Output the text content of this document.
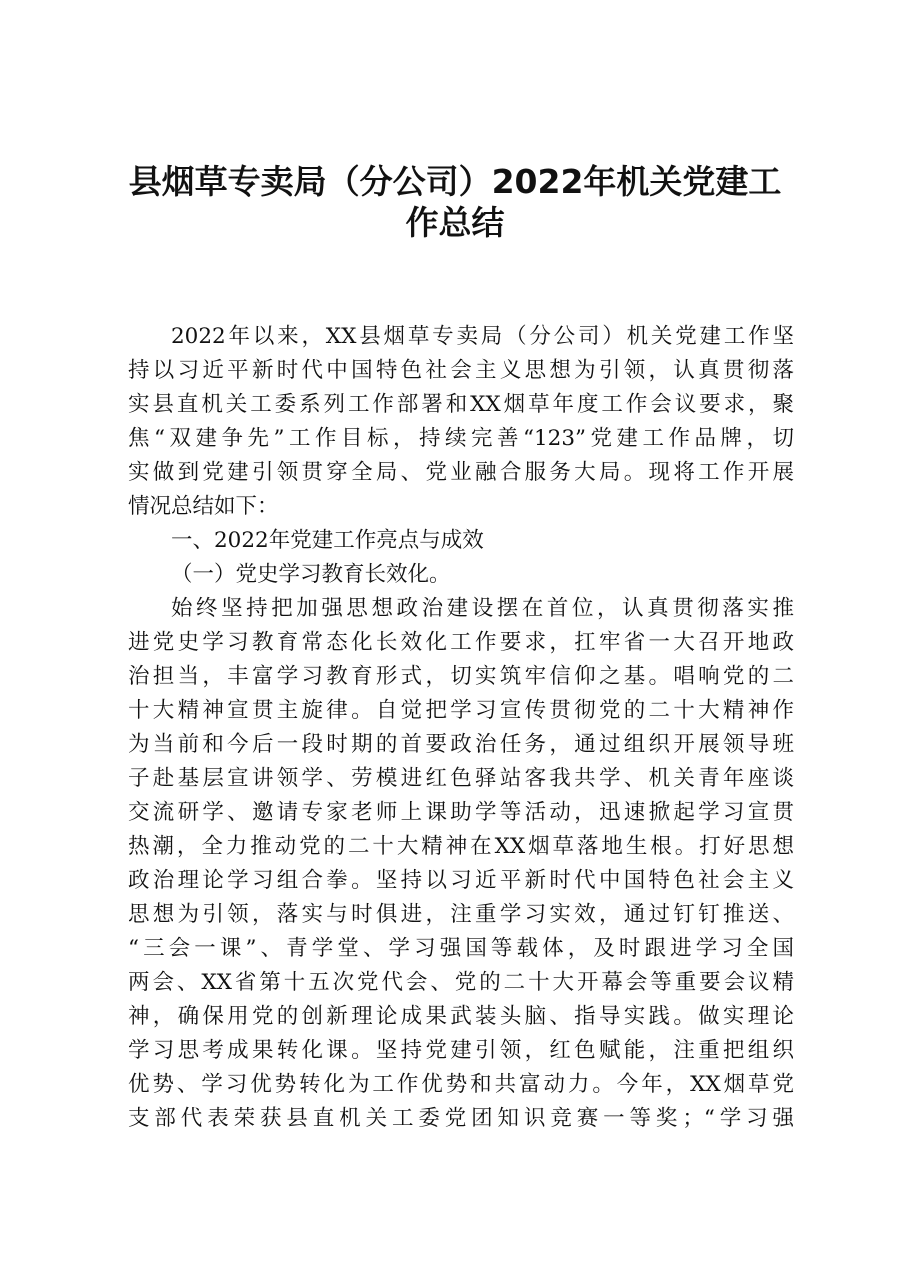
县烟草专卖局（分公司）2022年机关党建工
作总结

2022年以来，XX县烟草专卖局（分公司）机关党建工作坚

持以习近平新时代中国特色社会主义思想为引领，认真贯彻落

实县直机关工委系列工作部署和XX烟草年度工作会议要求，聚

焦“双建争先”工作目标，持续完善“123”党建工作品牌，切

实做到党建引领贯穿全局、党业融合服务大局。现将工作开展

情况总结如下：

一、2022年党建工作亮点与成效

（一）党史学习教育长效化。

始终坚持把加强思想政治建设摆在首位，认真贯彻落实推

进党史学习教育常态化长效化工作要求，扛牢省一大召开地政

治担当，丰富学习教育形式，切实筑牢信仰之基。唱响党的二

十大精神宣贯主旋律。自觉把学习宣传贯彻党的二十大精神作

为当前和今后一段时期的首要政治任务，通过组织开展领导班

子赴基层宣讲领学、劳模进红色驿站客我共学、机关青年座谈

交流研学、邀请专家老师上课助学等活动，迅速掀起学习宣贯

热潮，全力推动党的二十大精神在XX烟草落地生根。打好思想

政治理论学习组合拳。坚持以习近平新时代中国特色社会主义

思想为引领，落实与时俱进，注重学习实效，通过钉钉推送、

“三会一课”、青学堂、学习强国等载体，及时跟进学习全国

两会、XX省第十五次党代会、党的二十大开幕会等重要会议精

神，确保用党的创新理论成果武装头脑、指导实践。做实理论

学习思考成果转化课。坚持党建引领，红色赋能，注重把组织

优势、学习优势转化为工作优势和共富动力。今年，XX烟草党

支部代表荣获县直机关工委党团知识竞赛一等奖；“学习强
